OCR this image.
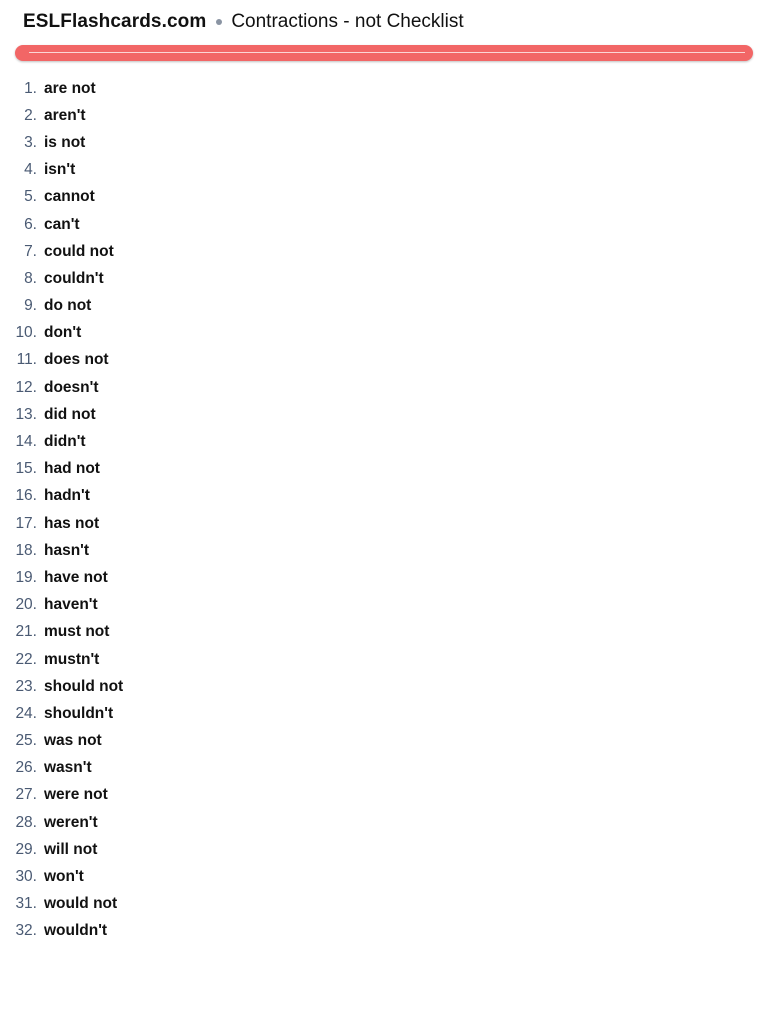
ESLFlashcards.com Contractions - not Checklist
1. are not
2. aren't
3. is not
4. isn't
5. cannot
6. can't
7. could not
8. couldn't
9. do not
10. don't
11. does not
12. doesn't
13. did not
14. didn't
15. had not
16. hadn't
17. has not
18. hasn't
19. have not
20. haven't
21. must not
22. mustn't
23. should not
24. shouldn't
25. was not
26. wasn't
27. were not
28. weren't
29. will not
30. won't
31. would not
32. wouldn't
